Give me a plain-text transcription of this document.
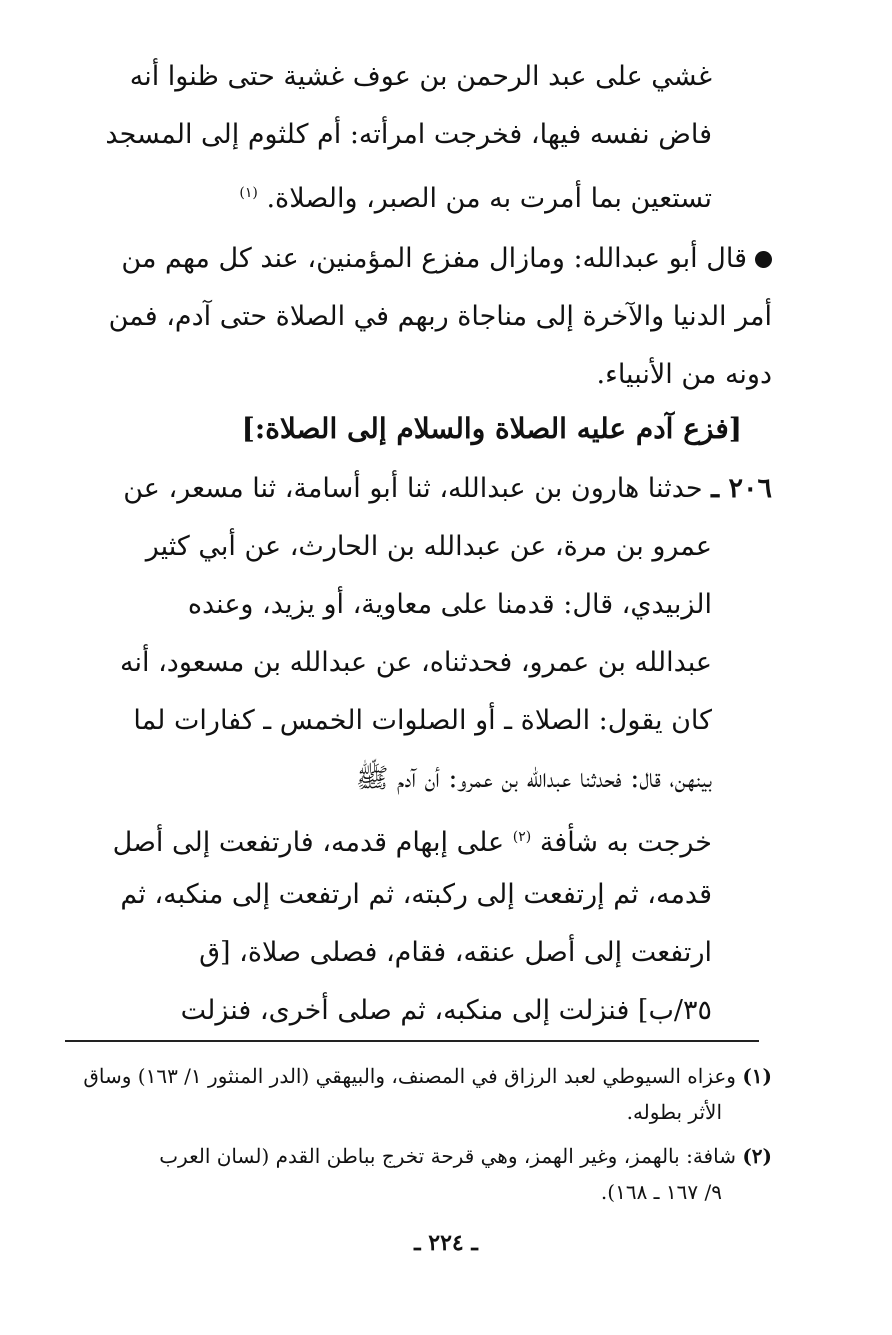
غشي على عبد الرحمن بن عوف غشية حتى ظنوا أنه
فاض نفسه فيها، فخرجت امرأته: أم كلثوم إلى المسجد
تستعين بما أمرت به من الصبر، والصلاة. $^{(١)}$
قال أبو عبدالله: ومازال مفزع المؤمنين، عند كل مهم من
أمر الدنيا والآخرة إلى مناجاة ربهم في الصلاة حتى آدم، فمن
دونه من الأنبياء.
[فزع آدم عليه الصلاة والسلام إلى الصلاة:]
٢٠٦ ـ حدثنا هارون بن عبدالله، ثنا أبو أسامة، ثنا مسعر، عن
عمرو بن مرة، عن عبدالله بن الحارث، عن أبي كثير
الزبيدي، قال: قدمنا على معاوية، أو يزيد، وعنده
عبدالله بن عمرو، فحدثناه، عن عبدالله بن مسعود، أنه
كان يقول: الصلاة ـ أو الصلوات الخمس ـ كفارات لما
بينهن، قال: فحدثنا عبدالله بن عمرو: أن آدم ﷺ
خرجت به شأفة $^{(٢)}$ على إبهام قدمه، فارتفعت إلى أصل
قدمه، ثم إرتفعت إلى ركبته، ثم ارتفعت إلى منكبه، ثم
ارتفعت إلى أصل عنقه، فقام، فصلى صلاة، [ق
٣٥/ب] فنزلت إلى منكبه، ثم صلى أخرى، فنزلت
(١) وعزاه السيوطي لعبد الرزاق في المصنف، والبيهقي (الدر المنثور ١/ ١٦٣) وساق
الأثر بطوله.
(٢) شافة: بالهمز، وغير الهمز، وهي قرحة تخرج بباطن القدم (لسان العرب
٩/ ١٦٧ ـ ١٦٨).
ـ ٢٢٤ ـ
